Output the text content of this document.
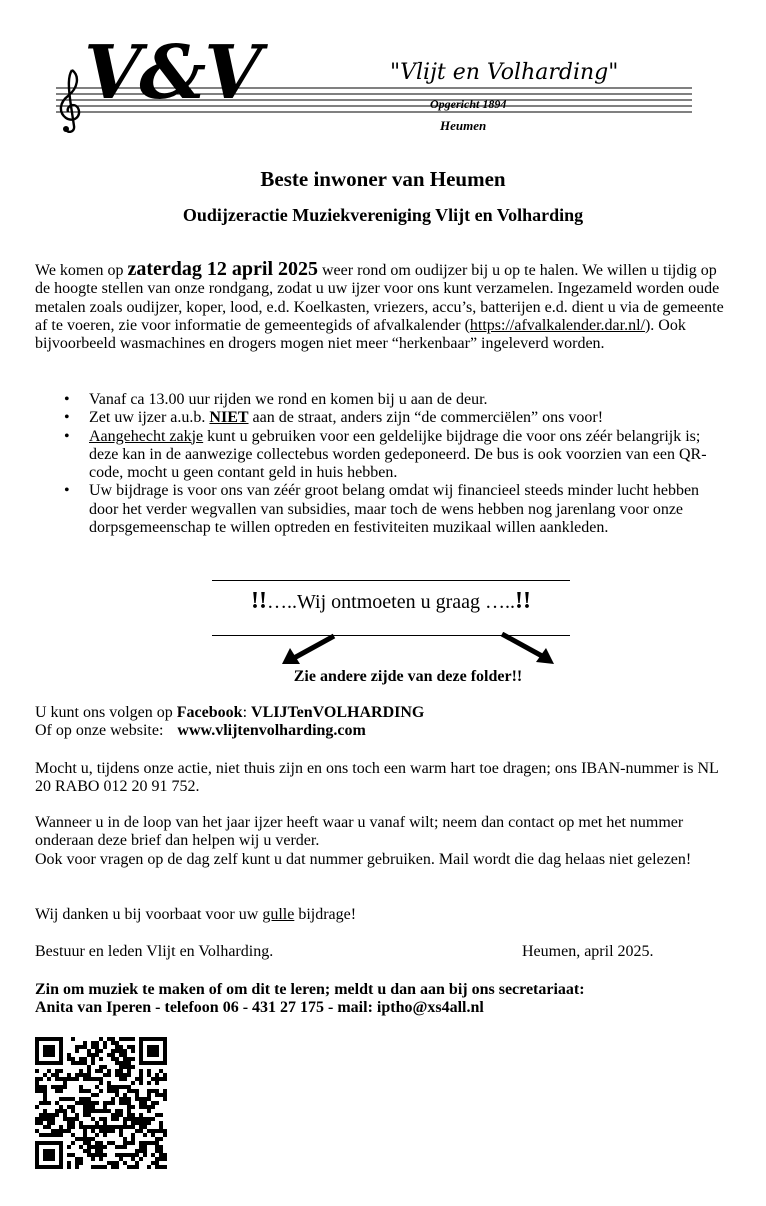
V&V	"Vlijt en Volharding"
Opgericht 1894
Heumen
Beste inwoner van Heumen
Oudijzeractie Muziekvereniging Vlijt en Volharding
We komen op zaterdag 12 april 2025 weer rond om oudijzer bij u op te halen. We willen u tijdig op de hoogte stellen van onze rondgang, zodat u uw ijzer voor ons kunt verzamelen. Ingezameld worden oude metalen zoals oudijzer, koper, lood, e.d. Koelkasten, vriezers, accu’s, batterijen e.d. dient u via de gemeente af te voeren, zie voor informatie de gemeentegids of afvalkalender (https://afvalkalender.dar.nl/). Ook bijvoorbeeld wasmachines en drogers mogen niet meer “herkenbaar” ingeleverd worden.
• Vanaf ca 13.00 uur rijden we rond en komen bij u aan de deur.
• Zet uw ijzer a.u.b. NIET aan de straat, anders zijn “de commerciëlen” ons voor!
• Aangehecht zakje kunt u gebruiken voor een geldelijke bijdrage die voor ons zéér belangrijk is; deze kan in de aanwezige collectebus worden gedeponeerd. De bus is ook voorzien van een QR-code, mocht u geen contant geld in huis hebben.
• Uw bijdrage is voor ons van zéér groot belang omdat wij financieel steeds minder lucht hebben door het verder wegvallen van subsidies, maar toch de wens hebben nog jarenlang voor onze dorpsgemeenschap te willen optreden en festiviteiten muzikaal willen aankleden.
!!…..Wij ontmoeten u graag …..!!
Zie andere zijde van deze folder!!
U kunt ons volgen op Facebook: VLIJTenVOLHARDING
Of op onze website: www.vlijtenvolharding.com
Mocht u, tijdens onze actie, niet thuis zijn en ons toch een warm hart toe dragen; ons IBAN-nummer is NL 20 RABO 012 20 91 752.
Wanneer u in de loop van het jaar ijzer heeft waar u vanaf wilt; neem dan contact op met het nummer onderaan deze brief dan helpen wij u verder.
Ook voor vragen op de dag zelf kunt u dat nummer gebruiken. Mail wordt die dag helaas niet gelezen!
Wij danken u bij voorbaat voor uw gulle bijdrage!
Bestuur en leden Vlijt en Volharding.	Heumen, april 2025.
Zin om muziek te maken of om dit te leren; meldt u dan aan bij ons secretariaat:
Anita van Iperen - telefoon 06 - 431 27 175 - mail: iptho@xs4all.nl
